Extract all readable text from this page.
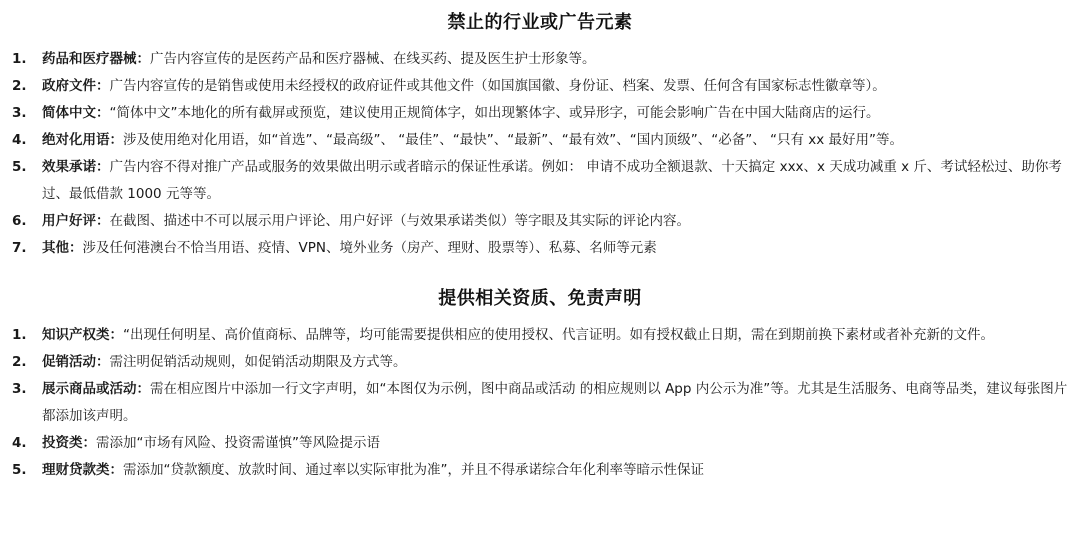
禁止的行业或广告元素
1.	药品和医疗器械：广告内容宣传的是医药产品和医疗器械、在线买药、提及医生护士形象等。
2.	政府文件：广告内容宣传的是销售或使用未经授权的政府证件或其他文件（如国旗国徽、身份证、档案、发票、任何含有国家标志性徽章等）。
3.	简体中文：“简体中文”本地化的所有截屏或预览，建议使用正规简体字，如出现繁体字、或异形字，可能会影响广告在中国大陆商店的运行。
4.	绝对化用语：涉及使用绝对化用语，如“首选”、“最高级”、 “最佳”、“最快”、“最新”、“最有效”、“国内顶级”、“必备”、 “只有 xx 最好用”等。
5.	效果承诺：广告内容不得对推广产品或服务的效果做出明示或者暗示的保证性承诺。例如： 申请不成功全额退款、十天搞定 xxx、x 天成功减重 x 斤、考试轻松过、助你考过、最低借款 1000 元等等。
6.	用户好评：在截图、描述中不可以展示用户评论、用户好评（与效果承诺类似）等字眼及其实际的评论内容。
7.	其他：涉及任何港澳台不恰当用语、疫情、VPN、境外业务（房产、理财、股票等）、私募、名师等元素
提供相关资质、免责声明
1.	知识产权类：“出现任何明星、高价值商标、品牌等，均可能需要提供相应的使用授权、代言证明。如有授权截止日期，需在到期前换下素材或者补充新的文件。
2.	促销活动：需注明促销活动规则，如促销活动期限及方式等。
3.	展示商品或活动：需在相应图片中添加一行文字声明，如“本图仅为示例，图中商品或活动 的相应规则以 App 内公示为准”等。尤其是生活服务、电商等品类，建议每张图片都添加该声明。
4.	投资类：需添加“市场有风险、投资需谨慎”等风险提示语
5.	理财贷款类：需添加“贷款额度、放款时间、通过率以实际审批为准”，并且不得承诺综合年化利率等暗示性保证
